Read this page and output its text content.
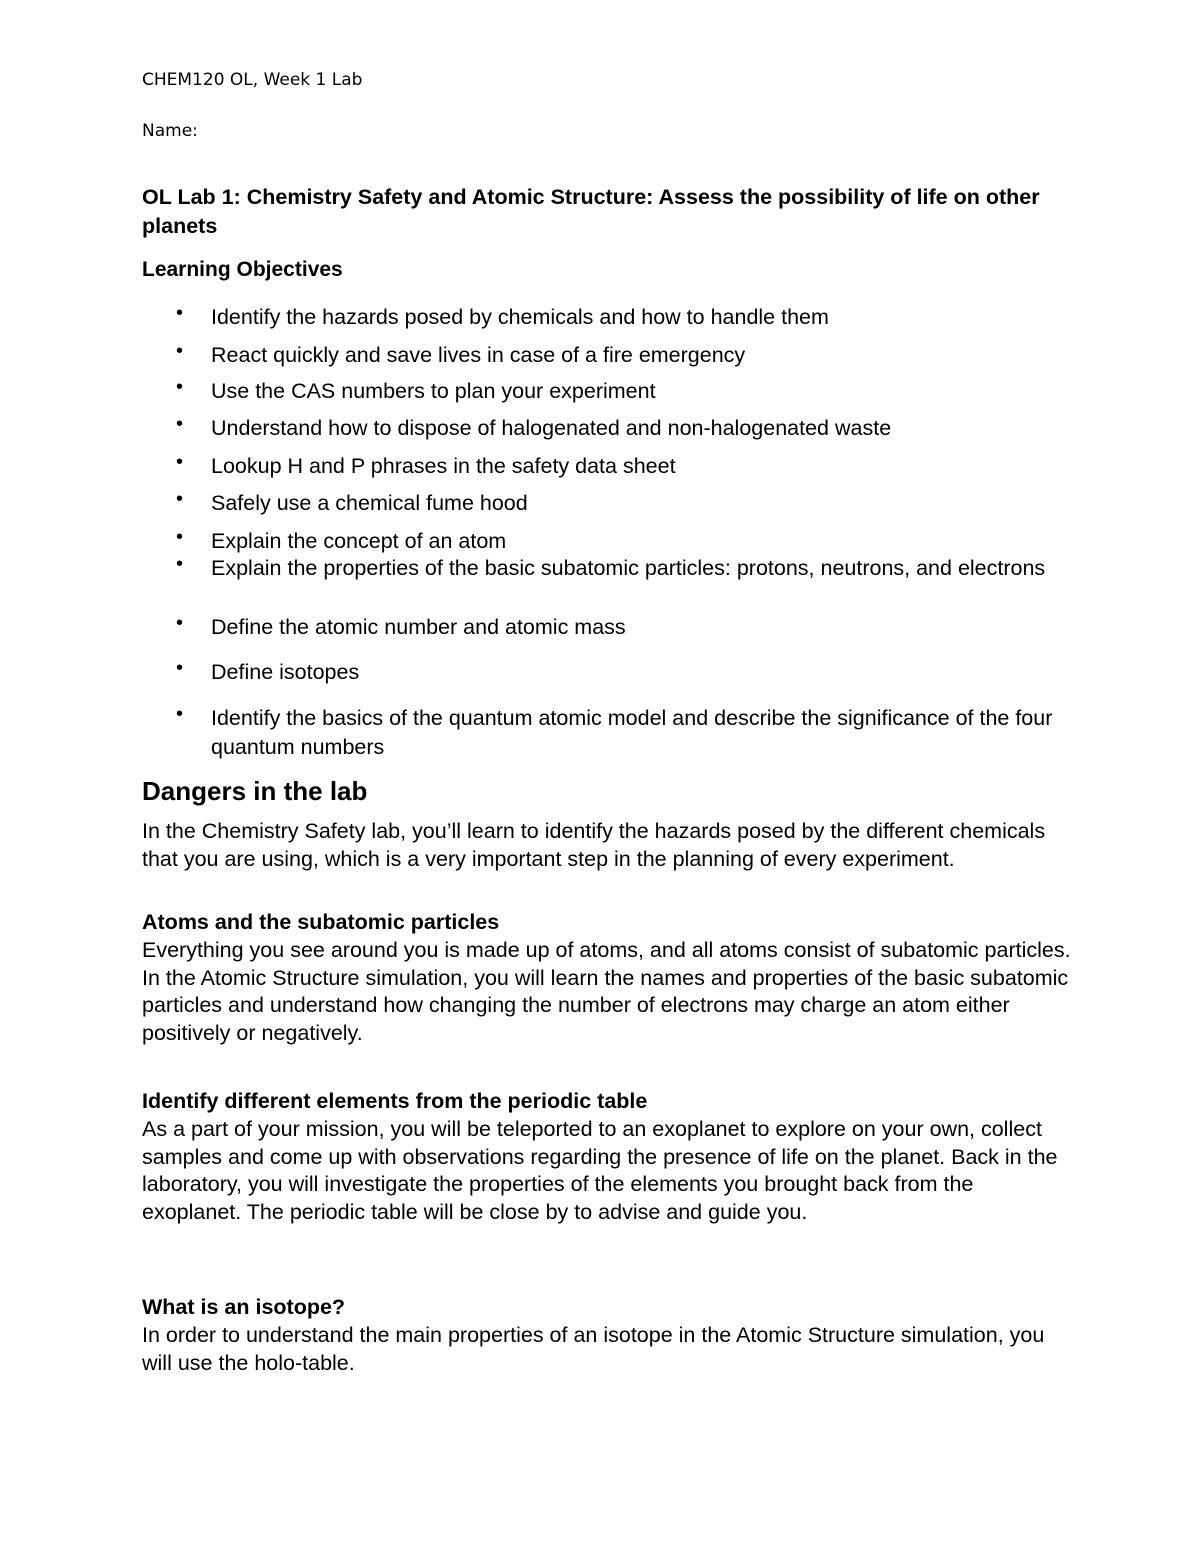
CHEM120 OL, Week 1 Lab
Name:
OL Lab 1: Chemistry Safety and Atomic Structure: Assess the possibility of life on other planets
Learning Objectives
• Identify the hazards posed by chemicals and how to handle them
• React quickly and save lives in case of a fire emergency
• Use the CAS numbers to plan your experiment
• Understand how to dispose of halogenated and non-halogenated waste
• Lookup H and P phrases in the safety data sheet
• Safely use a chemical fume hood
• Explain the concept of an atom
• Explain the properties of the basic subatomic particles: protons, neutrons, and electrons
• Define the atomic number and atomic mass
• Define isotopes
• Identify the basics of the quantum atomic model and describe the significance of the four quantum numbers
Dangers in the lab
In the Chemistry Safety lab, you’ll learn to identify the hazards posed by the different chemicals that you are using, which is a very important step in the planning of every experiment.
Atoms and the subatomic particles
Everything you see around you is made up of atoms, and all atoms consist of subatomic particles. In the Atomic Structure simulation, you will learn the names and properties of the basic subatomic particles and understand how changing the number of electrons may charge an atom either positively or negatively.
Identify different elements from the periodic table
As a part of your mission, you will be teleported to an exoplanet to explore on your own, collect samples and come up with observations regarding the presence of life on the planet. Back in the laboratory, you will investigate the properties of the elements you brought back from the exoplanet. The periodic table will be close by to advise and guide you.
What is an isotope?
In order to understand the main properties of an isotope in the Atomic Structure simulation, you will use the holo-table.
